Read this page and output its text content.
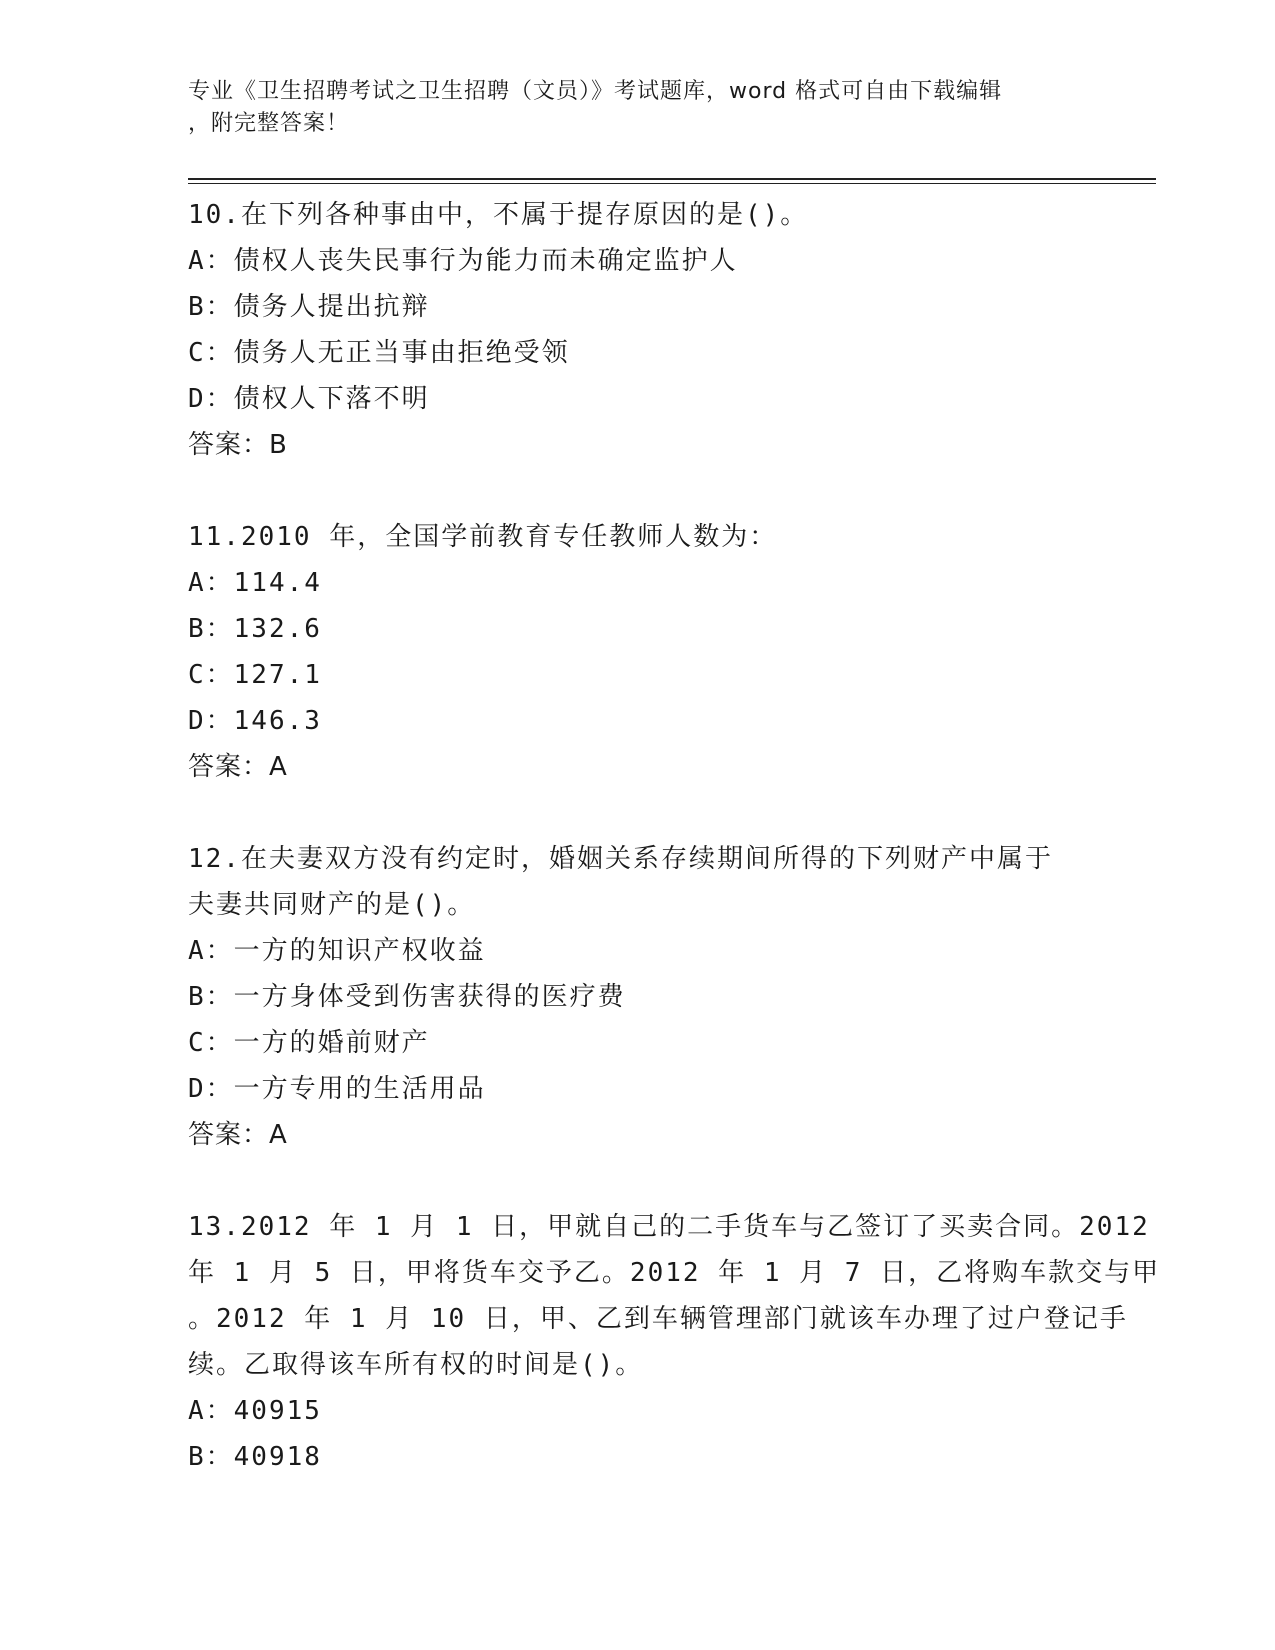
专业《卫生招聘考试之卫生招聘（文员）》考试题库，word 格式可自由下载编辑
，附完整答案！
10.在下列各种事由中，不属于提存原因的是()。
A：债权人丧失民事行为能力而未确定监护人
B：债务人提出抗辩
C：债务人无正当事由拒绝受领
D：债权人下落不明
答案：B
11.2010 年，全国学前教育专任教师人数为：
A：114.4
B：132.6
C：127.1
D：146.3
答案：A
12.在夫妻双方没有约定时，婚姻关系存续期间所得的下列财产中属于
夫妻共同财产的是()。
A：一方的知识产权收益
B：一方身体受到伤害获得的医疗费
C：一方的婚前财产
D：一方专用的生活用品
答案：A
13.2012 年 1 月 1 日，甲就自己的二手货车与乙签订了买卖合同。2012
年 1 月 5 日，甲将货车交予乙。2012 年 1 月 7 日，乙将购车款交与甲
。2012 年 1 月 10 日，甲、乙到车辆管理部门就该车办理了过户登记手
续。乙取得该车所有权的时间是()。
A：40915
B：40918
